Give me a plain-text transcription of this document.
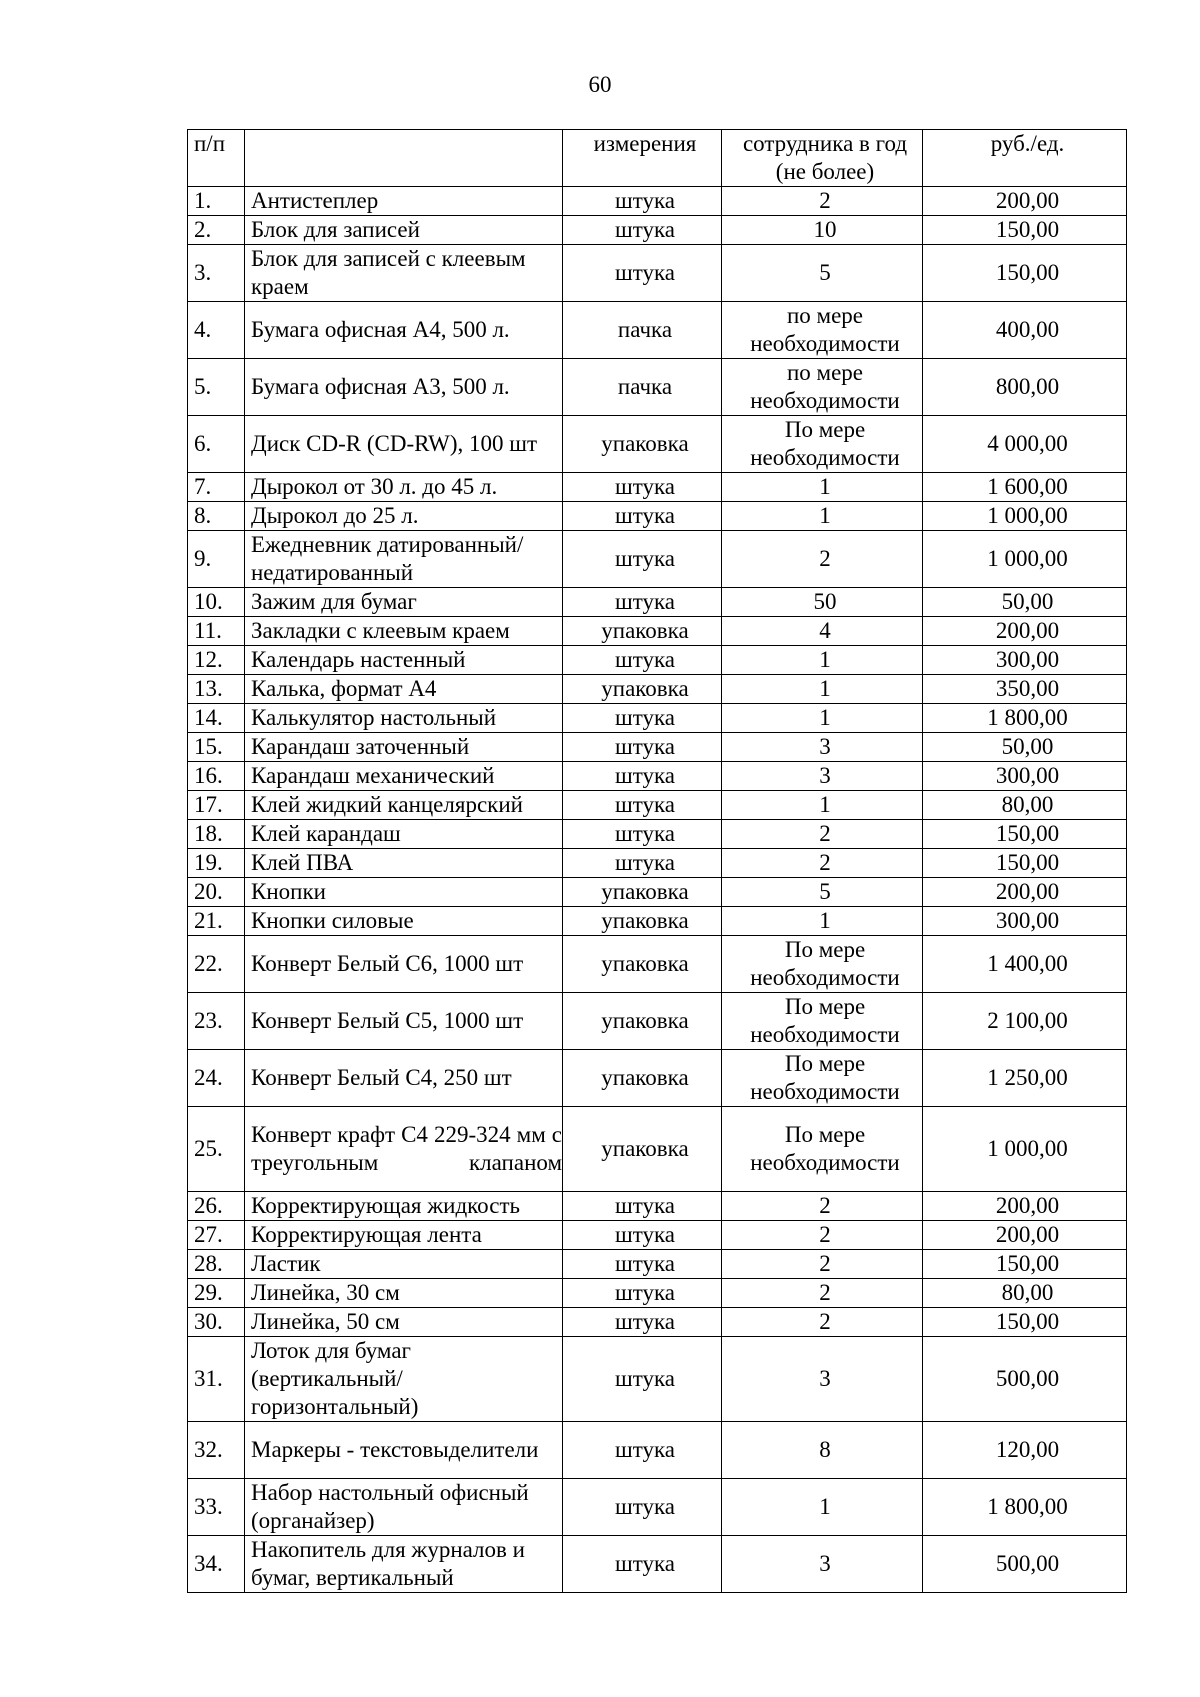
60
п/п		измерения	сотрудника в год (не более)	руб./ед.
1.	Антистеплер	штука	2	200,00
2.	Блок для записей	штука	10	150,00
3.	Блок для записей с клеевым краем	штука	5	150,00
4.	Бумага офисная А4, 500 л.	пачка	по мере необходимости	400,00
5.	Бумага офисная А3, 500 л.	пачка	по мере необходимости	800,00
6.	Диск CD-R (CD-RW), 100 шт	упаковка	По мере необходимости	4 000,00
7.	Дырокол от 30 л. до 45 л.	штука	1	1 600,00
8.	Дырокол до 25 л.	штука	1	1 000,00
9.	Ежедневник датированный/ недатированный	штука	2	1 000,00
10.	Зажим для бумаг	штука	50	50,00
11.	Закладки с клеевым краем	упаковка	4	200,00
12.	Календарь настенный	штука	1	300,00
13.	Калька, формат А4	упаковка	1	350,00
14.	Калькулятор настольный	штука	1	1 800,00
15.	Карандаш заточенный	штука	3	50,00
16.	Карандаш механический	штука	3	300,00
17.	Клей жидкий канцелярский	штука	1	80,00
18.	Клей карандаш	штука	2	150,00
19.	Клей ПВА	штука	2	150,00
20.	Кнопки	упаковка	5	200,00
21.	Кнопки силовые	упаковка	1	300,00
22.	Конверт Белый С6, 1000 шт	упаковка	По мере необходимости	1 400,00
23.	Конверт Белый С5, 1000 шт	упаковка	По мере необходимости	2 100,00
24.	Конверт Белый С4, 250 шт	упаковка	По мере необходимости	1 250,00
25.	Конверт крафт С4 229-324 мм с треугольным клапаном	упаковка	По мере необходимости	1 000,00
26.	Корректирующая жидкость	штука	2	200,00
27.	Корректирующая лента	штука	2	200,00
28.	Ластик	штука	2	150,00
29.	Линейка, 30 см	штука	2	80,00
30.	Линейка, 50 см	штука	2	150,00
31.	Лоток для бумаг (вертикальный/горизонтальный)	штука	3	500,00
32.	Маркеры - текстовыделители	штука	8	120,00
33.	Набор настольный офисный (органайзер)	штука	1	1 800,00
34.	Накопитель для журналов и бумаг, вертикальный	штука	3	500,00
